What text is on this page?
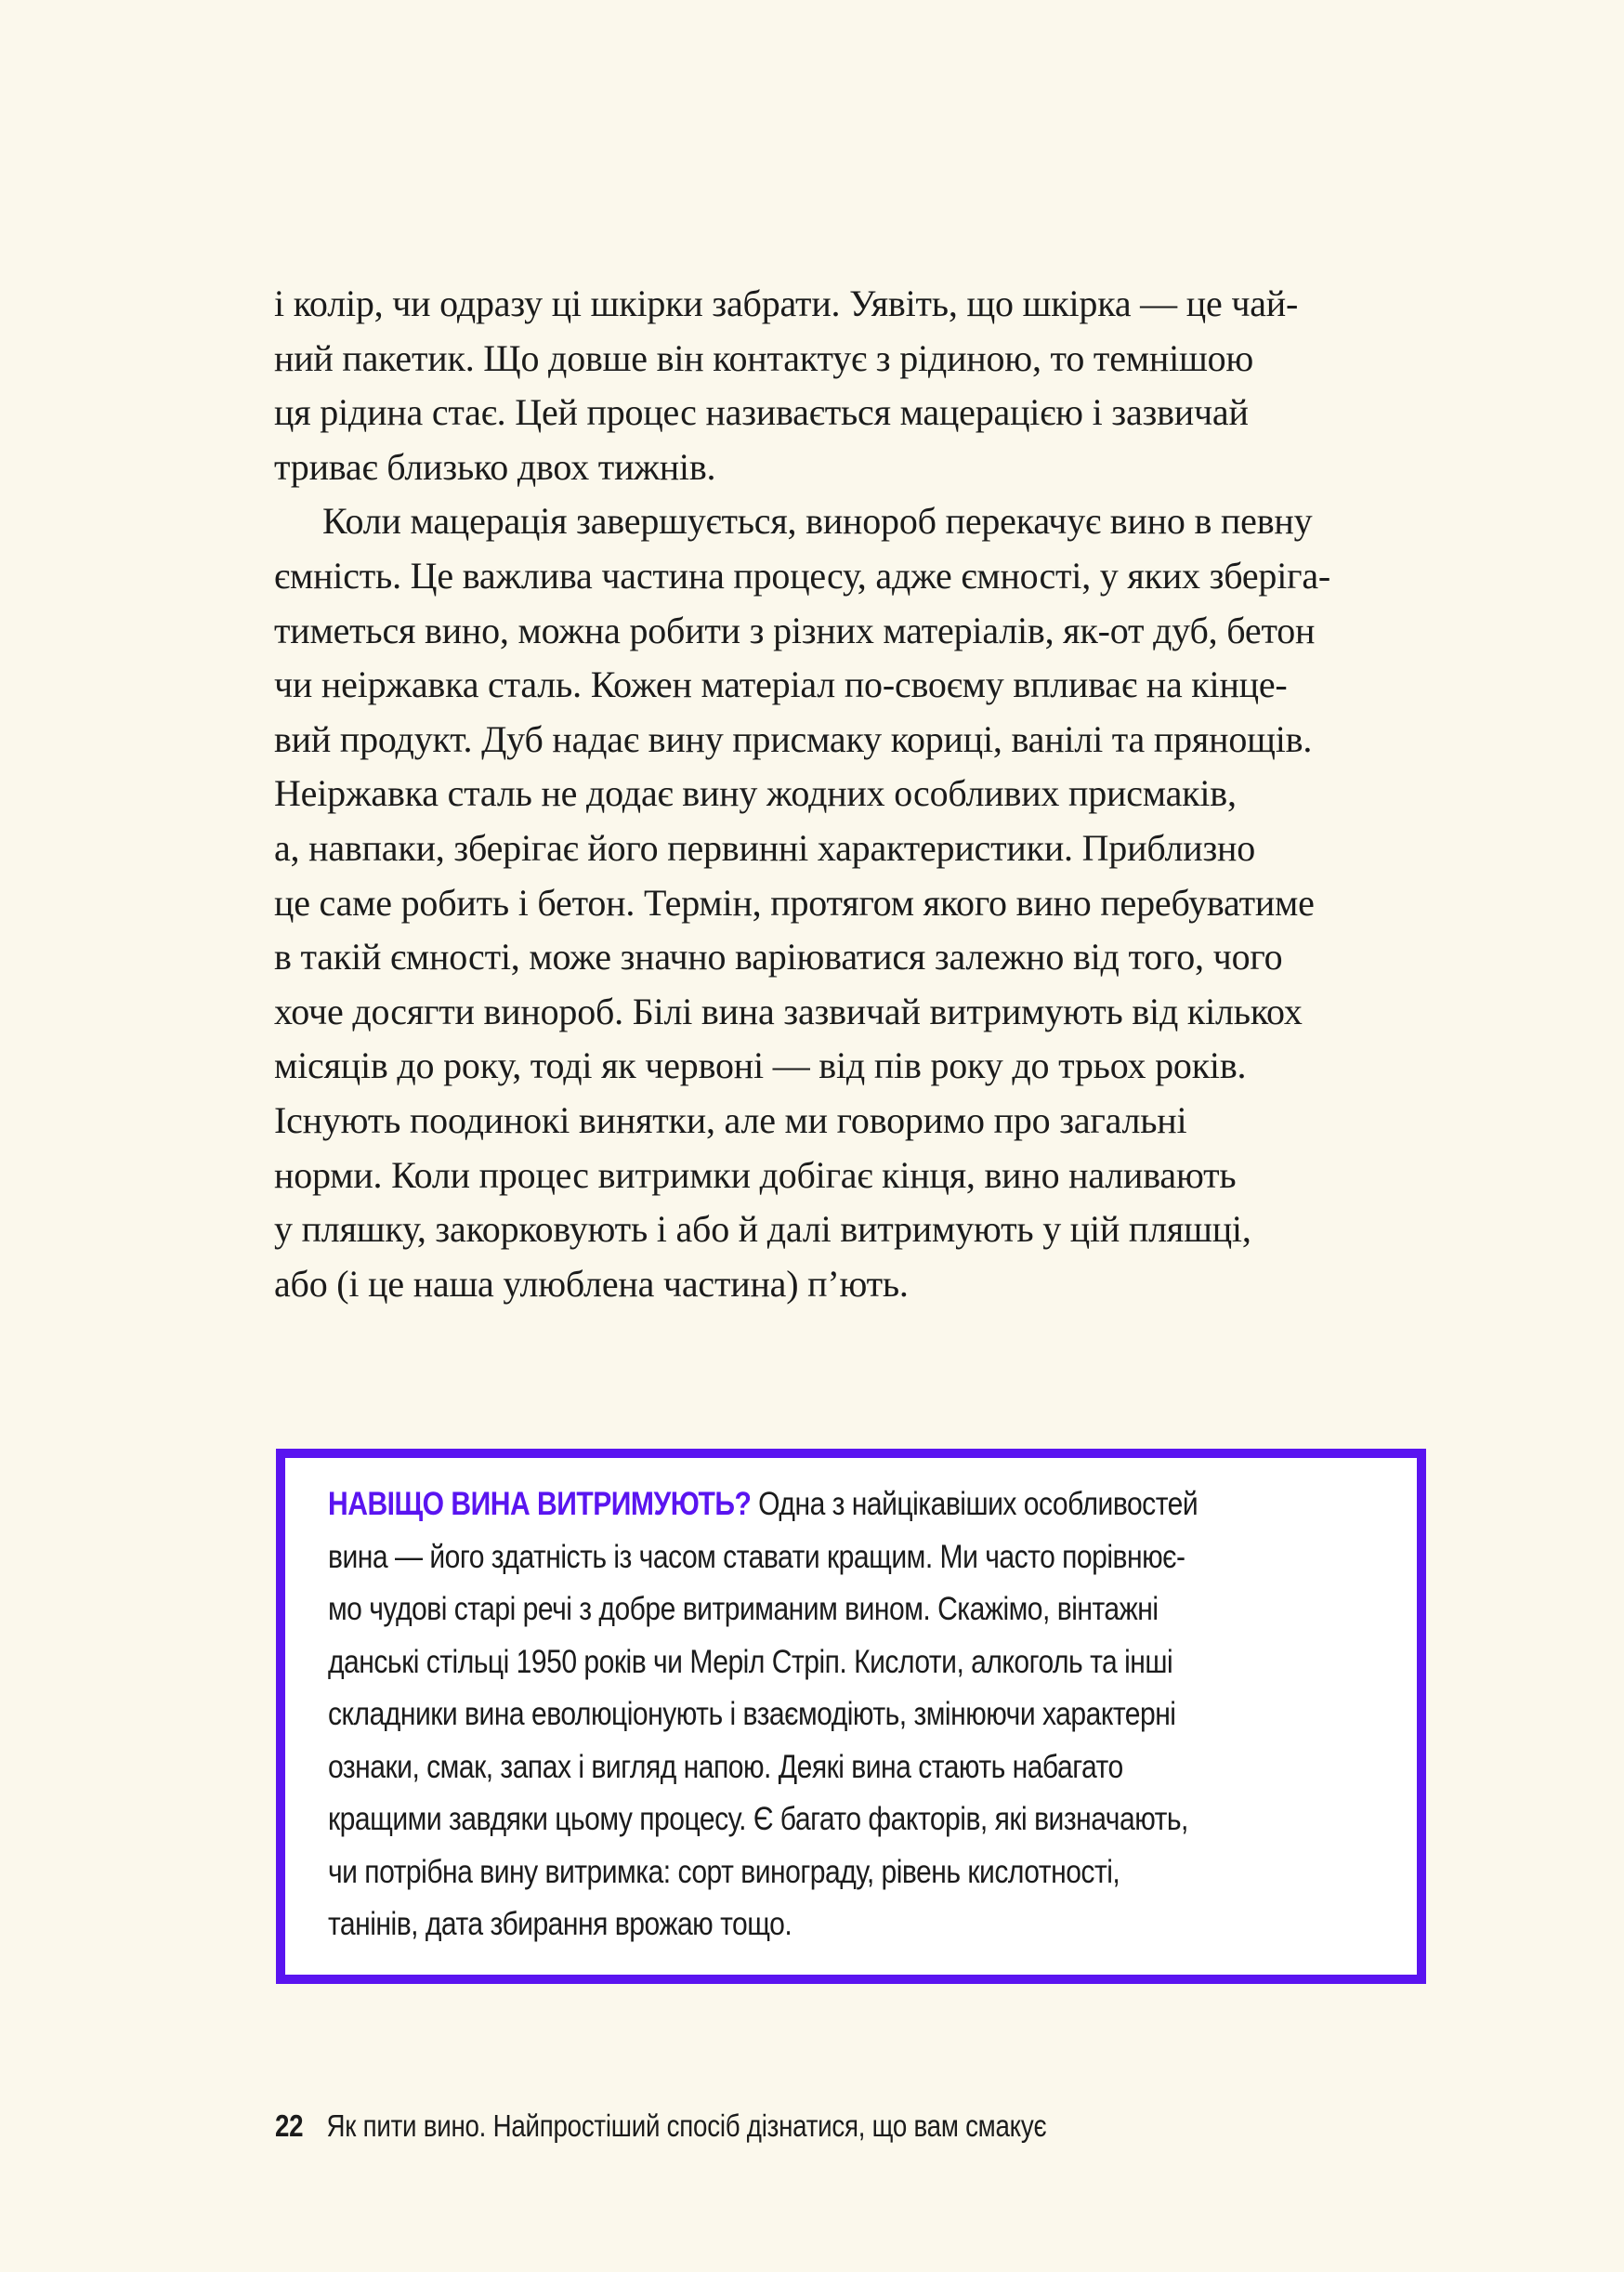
і колір, чи одразу ці шкірки забрати. Уявіть, що шкірка — це чай-
ний пакетик. Що довше він контактує з рідиною, то темнішою
ця рідина стає. Цей процес називається мацерацією і зазвичай
триває близько двох тижнів.
Коли мацерація завершується, винороб перекачує вино в певну
ємність. Це важлива частина процесу, адже ємності, у яких зберіга-
тиметься вино, можна робити з різних матеріалів, як-от дуб, бетон
чи неіржавка сталь. Кожен матеріал по-своєму впливає на кінце-
вий продукт. Дуб надає вину присмаку кориці, ванілі та прянощів.
Неіржавка сталь не додає вину жодних особливих присмаків,
а, навпаки, зберігає його первинні характеристики. Приблизно
це саме робить і бетон. Термін, протягом якого вино перебуватиме
в такій ємності, може значно варіюватися залежно від того, чого
хоче досягти винороб. Білі вина зазвичай витримують від кількох
місяців до року, тоді як червоні — від пів року до трьох років.
Існують поодинокі винятки, але ми говоримо про загальні
норми. Коли процес витримки добігає кінця, вино наливають
у пляшку, закорковують і або й далі витримують у цій пляшці,
або (і це наша улюблена частина) п’ють.
НАВІЩО ВИНА ВИТРИМУЮТЬ? Одна з найцікавіших особливостей
вина — його здатність із часом ставати кращим. Ми часто порівнює-
мо чудові старі речі з добре витриманим вином. Скажімо, вінтажні
данські стільці 1950 років чи Меріл Стріп. Кислоти, алкоголь та інші
складники вина еволюціонують і взаємодіють, змінюючи характерні
ознаки, смак, запах і вигляд напою. Деякі вина стають набагато
кращими завдяки цьому процесу. Є багато факторів, які визначають,
чи потрібна вину витримка: сорт винограду, рівень кислотності,
танінів, дата збирання врожаю тощо.
22 Як пити вино. Найпростіший спосіб дізнатися, що вам смакує
